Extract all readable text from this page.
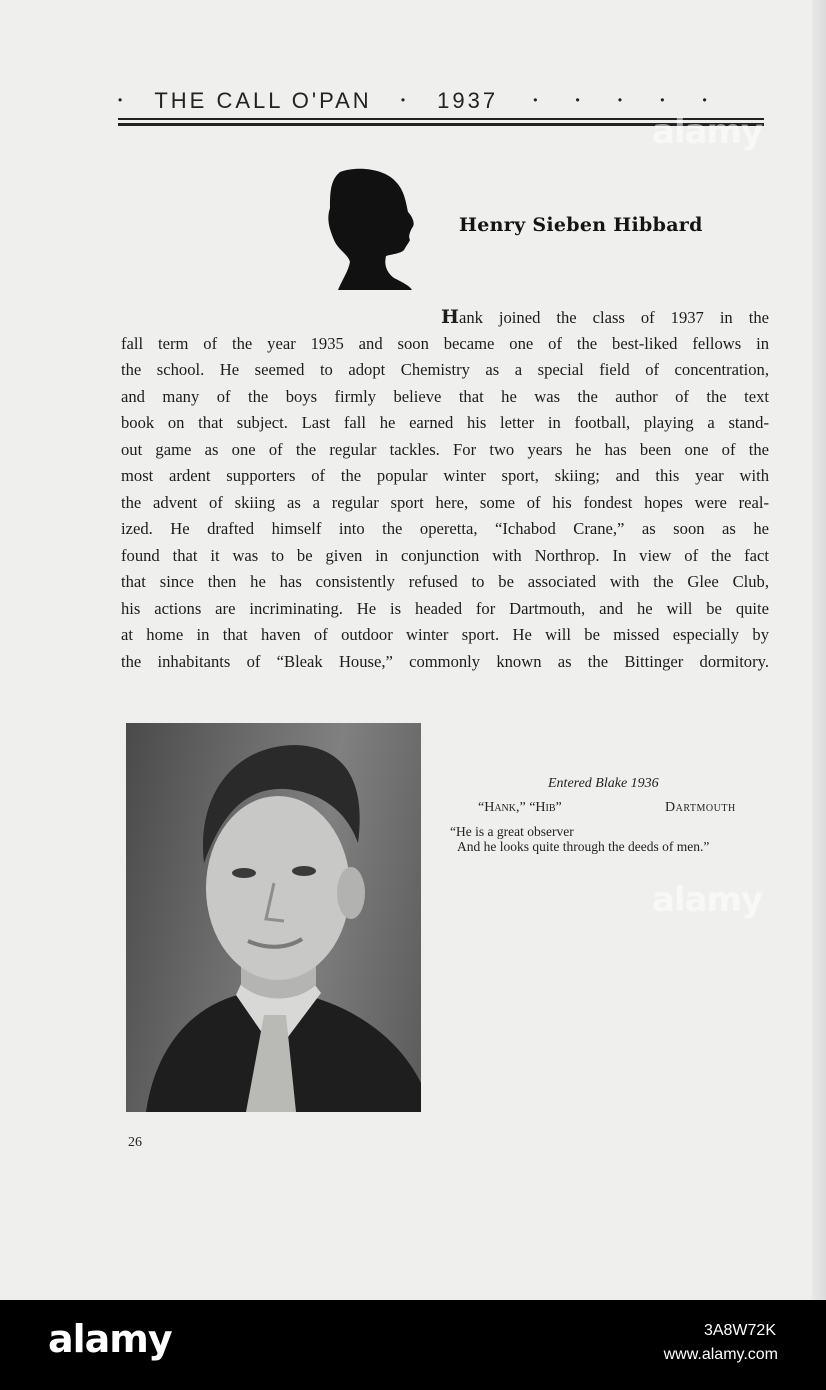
• THE CALL O'PAN • 1937	•	•	•	•	•
Henry Sieben Hibbard
Hank joined the class of 1937 in the
fall term of the year 1935 and soon became one of the best-liked fellows in
the school. He seemed to adopt Chemistry as a special field of concentration,
and many of the boys firmly believe that he was the author of the text
book on that subject. Last fall he earned his letter in football, playing a stand-
out game as one of the regular tackles. For two years he has been one of the
most ardent supporters of the popular winter sport, skiing; and this year with
the advent of skiing as a regular sport here, some of his fondest hopes were real-
ized. He drafted himself into the operetta, “Ichabod Crane,” as soon as he
found that it was to be given in conjunction with Northrop. In view of the fact
that since then he has consistently refused to be associated with the Glee Club,
his actions are incriminating. He is headed for Dartmouth, and he will be quite
at home in that haven of outdoor winter sport. He will be missed especially by
the inhabitants of “Bleak House,” commonly known as the Bittinger dormitory.
Entered Blake 1936
“Hank,” “Hib”	Dartmouth
“He is a great observer
And he looks quite through the deeds of men.”
26
alamy
alamy
alamy	3A8W72K
www.alamy.com
